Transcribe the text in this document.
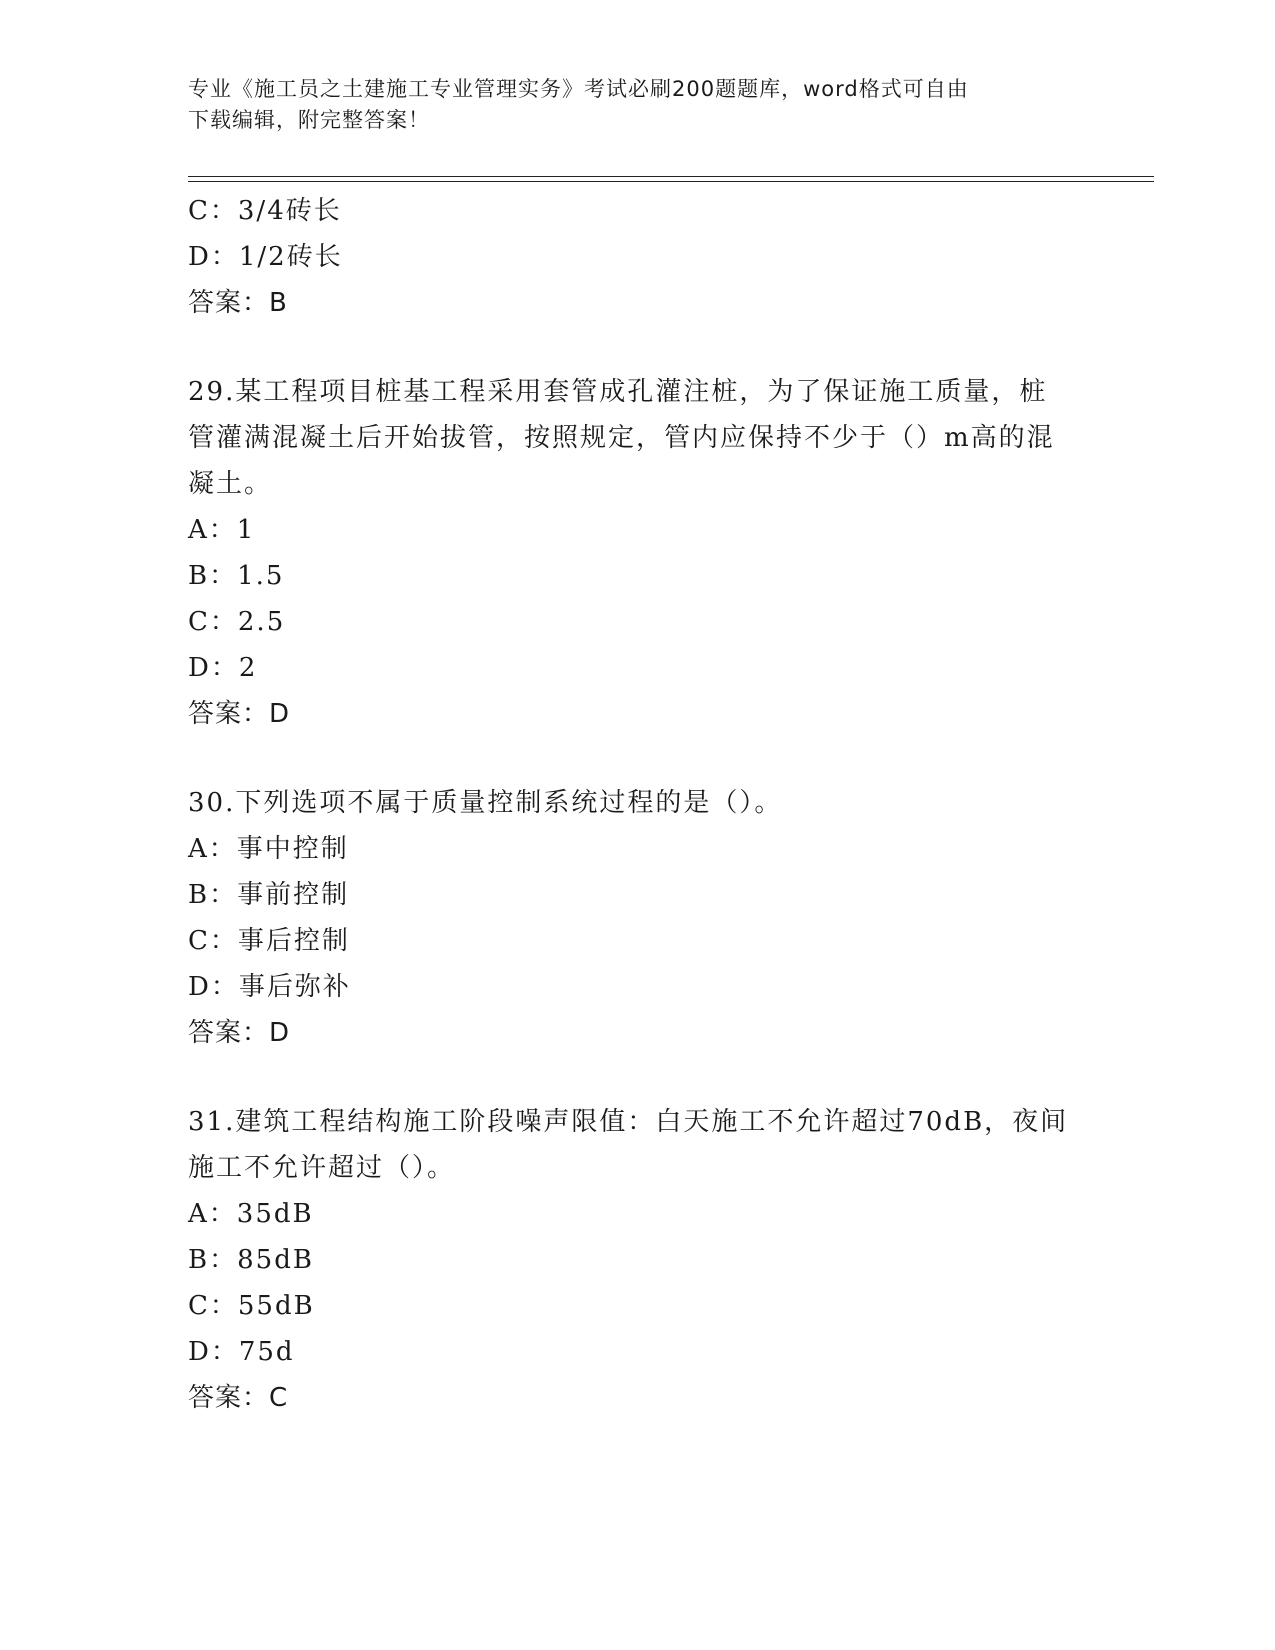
专业《施工员之土建施工专业管理实务》考试必刷200题题库，word格式可自由
下载编辑，附完整答案！
C：3/4砖长
D：1/2砖长
答案：B
29.某工程项目桩基工程采用套管成孔灌注桩，为了保证施工质量，桩
管灌满混凝土后开始拔管，按照规定，管内应保持不少于（）m高的混
凝土。
A：1
B：1.5
C：2.5
D：2
答案：D
30.下列选项不属于质量控制系统过程的是（）。
A：事中控制
B：事前控制
C：事后控制
D：事后弥补
答案：D
31.建筑工程结构施工阶段噪声限值：白天施工不允许超过70dB，夜间
施工不允许超过（）。
A：35dB
B：85dB
C：55dB
D：75d
答案：C
